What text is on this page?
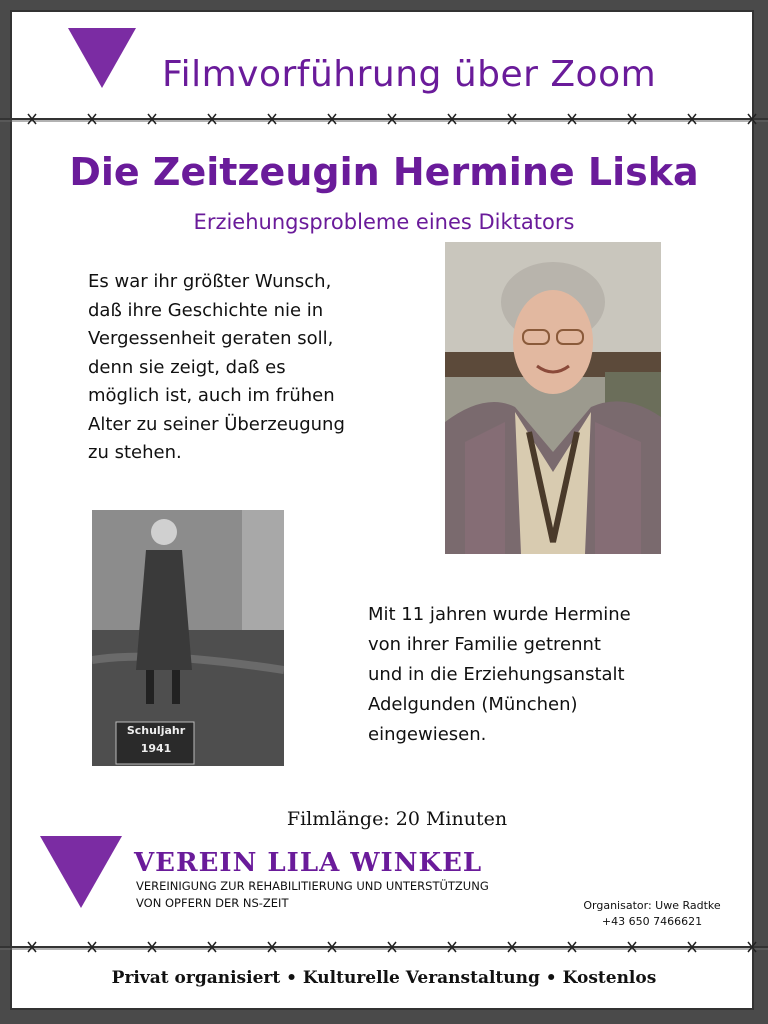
Filmvorführung über Zoom
Die Zeitzeugin Hermine Liska
Erziehungsprobleme eines Diktators
Es war ihr größter Wunsch,
daß ihre Geschichte nie in
Vergessenheit geraten soll,
denn sie zeigt, daß es
möglich ist, auch im frühen
Alter zu seiner Überzeugung
zu stehen.
Schuljahr
1941
Mit 11 jahren wurde Hermine
von ihrer Familie getrennt
und in die Erziehungsanstalt
Adelgunden (München)
eingewiesen.
Filmlänge: 20 Minuten
VEREIN LILA WINKEL
VEREINIGUNG ZUR REHABILITIERUNG UND UNTERSTÜTZUNG
VON OPFERN DER NS-ZEIT	Organisator: Uwe Radtke
+43 650 7466621
Privat organisiert • Kulturelle Veranstaltung • Kostenlos
